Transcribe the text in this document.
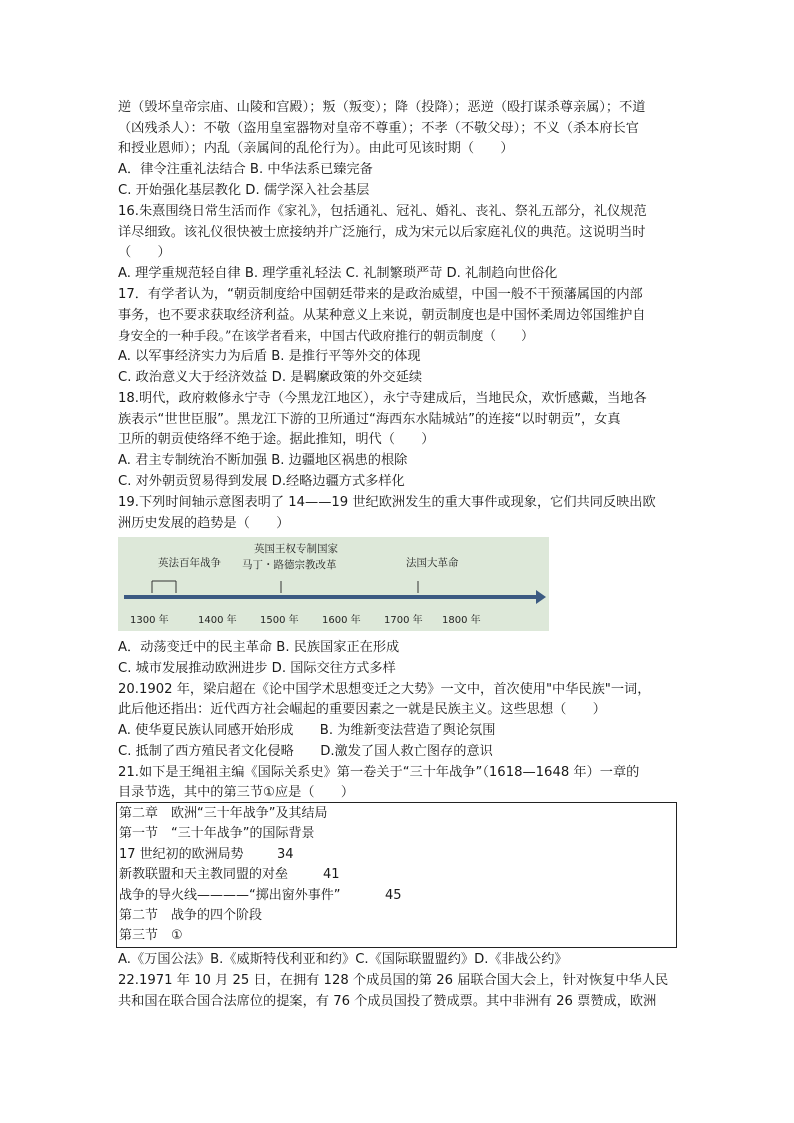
逆（毁坏皇帝宗庙、山陵和宫殿）；叛（叛变）；降（投降）；恶逆（殴打谋杀尊亲属）；不道
（凶残杀人）：不敬（盗用皇室器物对皇帝不尊重）；不孝（不敬父母）；不义（杀本府长官
和授业恩师）；内乱（亲属间的乱伦行为）。由此可见该时期（　　）
A．律令注重礼法结合 B. 中华法系已臻完备
C. 开始强化基层教化 D. 儒学深入社会基层
16.朱熹围绕日常生活而作《家礼》，包括通礼、冠礼、婚礼、丧礼、祭礼五部分，礼仪规范
详尽细致。该礼仪很快被士庶接纳并广泛施行，成为宋元以后家庭礼仪的典范。这说明当时
（　　）
A. 理学重规范轻自律 B. 理学重礼轻法 C. 礼制繁琐严苛 D. 礼制趋向世俗化
17．有学者认为，“朝贡制度给中国朝廷带来的是政治威望，中国一般不干预藩属国的内部
事务，也不要求获取经济利益。从某种意义上来说，朝贡制度也是中国怀柔周边邻国维护自
身安全的一种手段。”在该学者看来，中国古代政府推行的朝贡制度（　　）
A. 以军事经济实力为后盾 B. 是推行平等外交的体现
C. 政治意义大于经济效益 D. 是羁縻政策的外交延续
18.明代，政府敕修永宁寺（今黑龙江地区），永宁寺建成后，当地民众，欢忻感戴，当地各
族表示“世世臣服”。黑龙江下游的卫所通过“海西东水陆城站”的连接“以时朝贡”，女真
卫所的朝贡使络绎不绝于途。据此推知，明代（　　）
A. 君主专制统治不断加强 B. 边疆地区祸患的根除
C. 对外朝贡贸易得到发展 D.经略边疆方式多样化
19.下列时间轴示意图表明了 14——19 世纪欧洲发生的重大事件或现象，它们共同反映出欧
洲历史发展的趋势是（　　）
英法百年战争
英国王权专制国家
马丁・路德宗教改革	法国大革命
1300 年	1400 年 1500 年 1600 年 1700 年 1800 年
A．动荡变迁中的民主革命 B. 民族国家正在形成
C. 城市发展推动欧洲进步 D. 国际交往方式多样
20.1902 年，梁启超在《论中国学术思想变迁之大势》一文中，首次使用"中华民族"一词，
此后他还指出：近代西方社会崛起的重要因素之一就是民族主义。这些思想（　　）
A. 使华夏民族认同感开始形成　　B. 为维新变法营造了舆论氛围
C. 抵制了西方殖民者文化侵略　　D.激发了国人救亡图存的意识
21.如下是王绳祖主编《国际关系史》第一卷关于“三十年战争”（1618—1648 年）一章的
目录节选，其中的第三节①应是（　　）
第二章　欧洲“三十年战争”及其结局
第一节　“三十年战争”的国际背景
17 世纪初的欧洲局势	34
新教联盟和天主教同盟的对垒	41
战争的导火线————“掷出窗外事件”	45
第二节　战争的四个阶段
第三节　①
A.《万国公法》B.《威斯特伐利亚和约》C.《国际联盟盟约》D.《非战公约》
22.1971 年 10 月 25 日，在拥有 128 个成员国的第 26 届联合国大会上，针对恢复中华人民
共和国在联合国合法席位的提案，有 76 个成员国投了赞成票。其中非洲有 26 票赞成，欧洲
